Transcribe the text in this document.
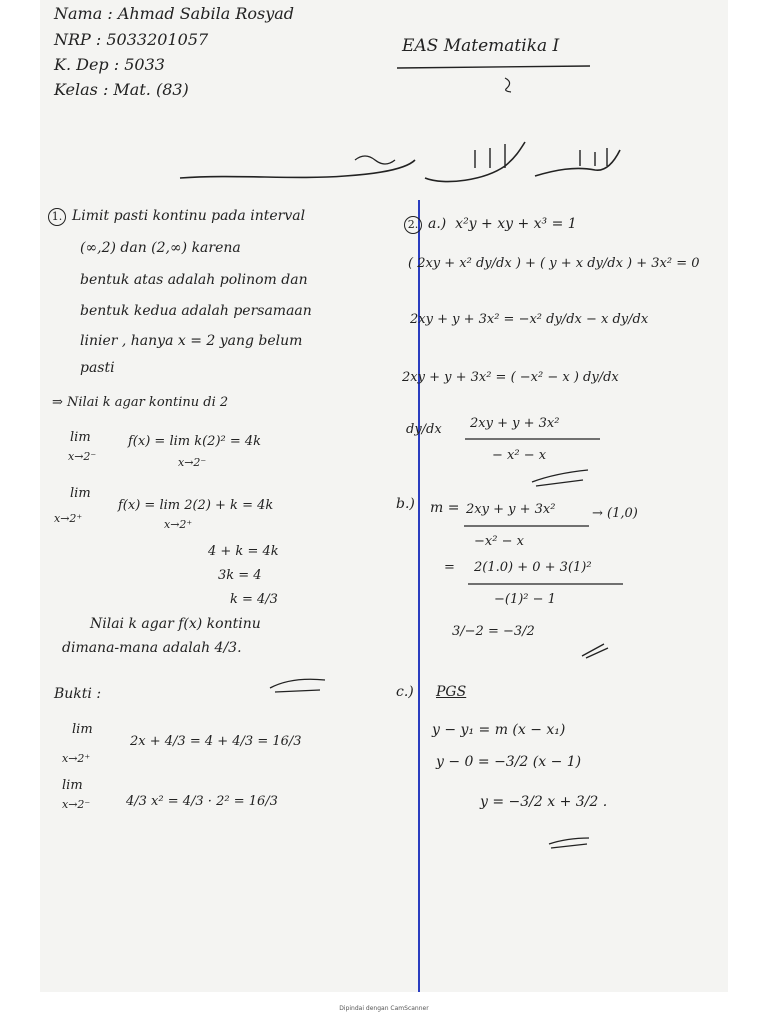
Nama : Ahmad Sabila Rosyad
NRP : 5033201057
K. Dep : 5033
Kelas : Mat. (83)
EAS Matematika I
1. Limit pasti kontinu pada interval
(∞,2) dan (2,∞) karena
bentuk atas adalah polinom dan
bentuk kedua adalah persamaan
linier , hanya x = 2 yang belum
pasti
⇒ Nilai k agar kontinu di 2
lim
x→2⁻
f(x) = lim k(2)² = 4k
x→2⁻
lim
x→2⁺
f(x) = lim 2(2) + k = 4k
x→2⁺
4 + k = 4k
3k = 4
k = 4/3
Nilai k agar f(x) kontinu
dimana-mana adalah 4/3.
Bukti :
lim
x→2⁺
2x + 4/3 = 4 + 4/3 = 16/3
lim
x→2⁻	4/3 x² = 4/3 · 2² = 16/3
2. a.) x²y + xy + x³ = 1
( 2xy + x² dy/dx ) + ( y + x dy/dx ) + 3x² = 0
2xy + y + 3x² = −x² dy/dx − x dy/dx
2xy + y + 3x² = ( −x² − x ) dy/dx
dy/dx 2xy + y + 3x²
− x² − x
b.) m = 2xy + y + 3x²	→ (1,0)
−x² − x
= 2(1.0) + 0 + 3(1)²
−(1)² − 1
3/−2 = −3/2
c.) PGS
y − y₁ = m (x − x₁)
y − 0 = −3/2 (x − 1)
y = −3/2 x + 3/2 .
Dipindai dengan CamScanner
